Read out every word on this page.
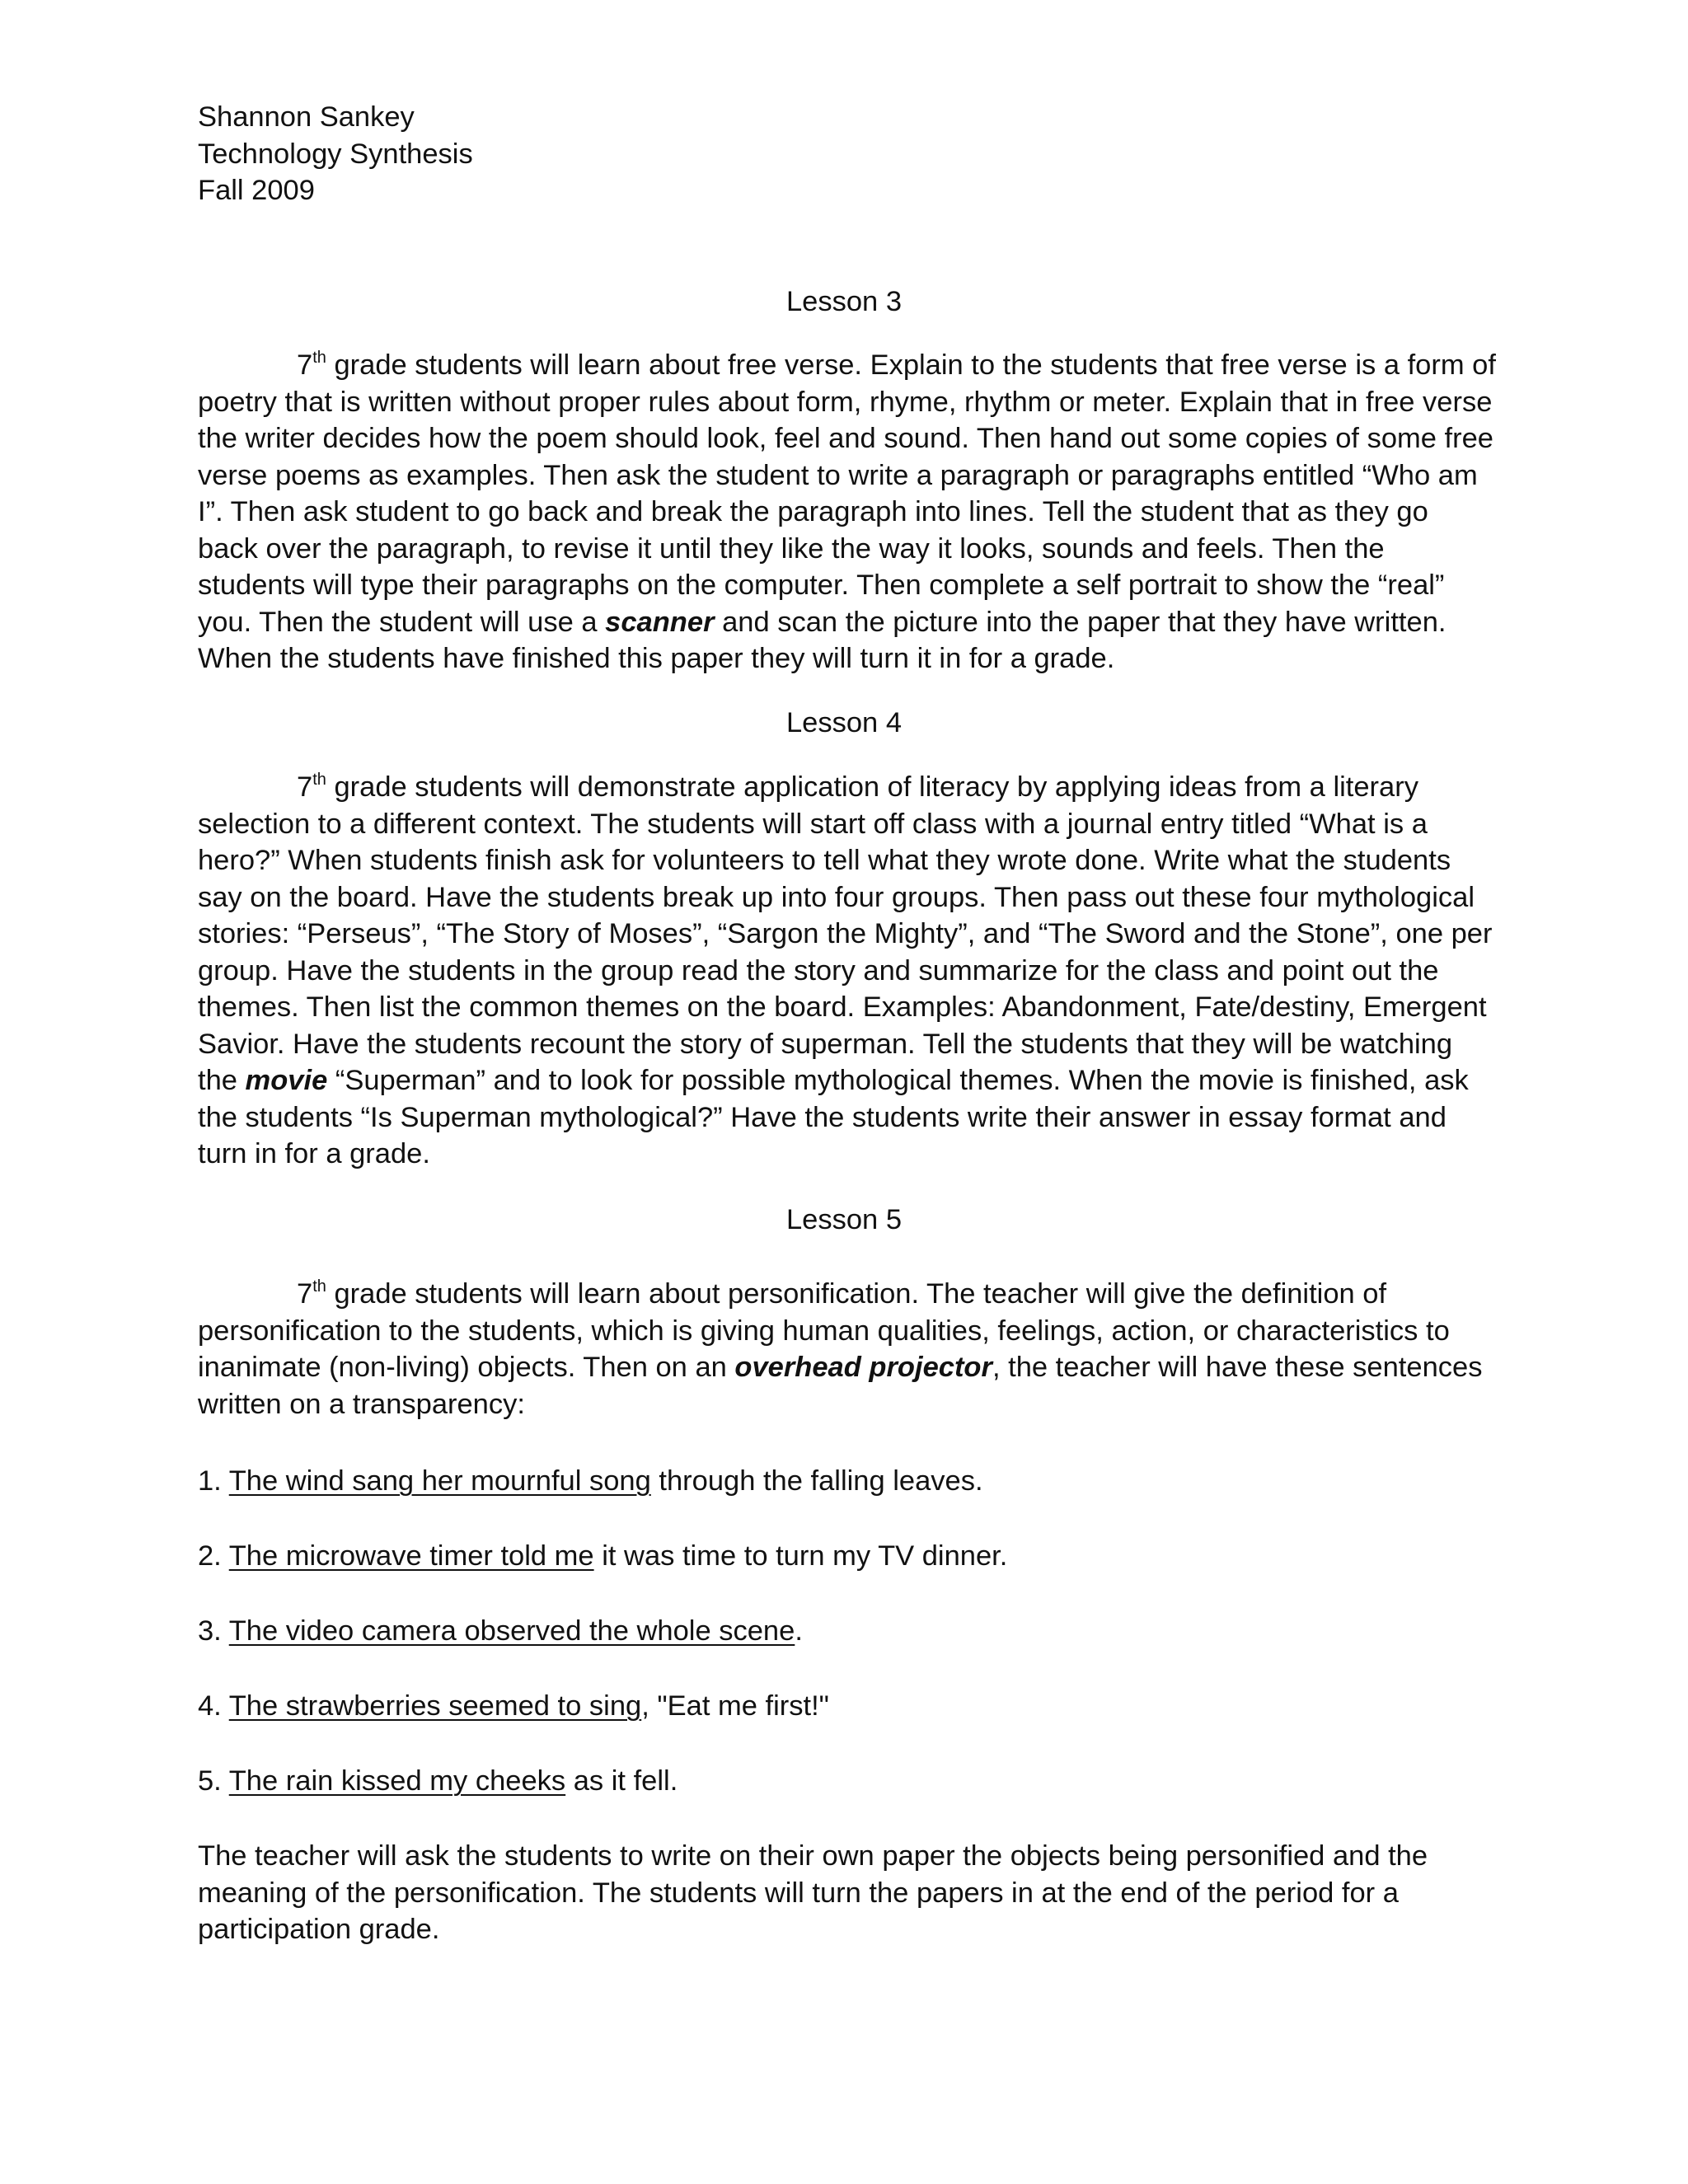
Shannon Sankey
Technology Synthesis
Fall 2009
Lesson 3
7th grade students will learn about free verse. Explain to the students that free verse is a form of poetry that is written without proper rules about form, rhyme, rhythm or meter. Explain that in free verse the writer decides how the poem should look, feel and sound. Then hand out some copies of some free verse poems as examples. Then ask the student to write a paragraph or paragraphs entitled “Who am I”. Then ask student to go back and break the paragraph into lines. Tell the student that as they go back over the paragraph, to revise it until they like the way it looks, sounds and feels. Then the students will type their paragraphs on the computer. Then complete a self portrait to show the “real” you. Then the student will use a scanner and scan the picture into the paper that they have written. When the students have finished this paper they will turn it in for a grade.
Lesson 4
7th grade students will demonstrate application of literacy by applying ideas from a literary selection to a different context. The students will start off class with a journal entry titled “What is a hero?” When students finish ask for volunteers to tell what they wrote done. Write what the students say on the board. Have the students break up into four groups. Then pass out these four mythological stories: “Perseus”, “The Story of Moses”, “Sargon the Mighty”, and “The Sword and the Stone”, one per group. Have the students in the group read the story and summarize for the class and point out the themes. Then list the common themes on the board. Examples: Abandonment, Fate/destiny, Emergent Savior. Have the students recount the story of superman. Tell the students that they will be watching the movie “Superman” and to look for possible mythological themes. When the movie is finished, ask the students “Is Superman mythological?” Have the students write their answer in essay format and turn in for a grade.
Lesson 5
7th grade students will learn about personification. The teacher will give the definition of personification to the students, which is giving human qualities, feelings, action, or characteristics to inanimate (non-living) objects. Then on an overhead projector, the teacher will have these sentences written on a transparency:
1. The wind sang her mournful song through the falling leaves.
2. The microwave timer told me it was time to turn my TV dinner.
3. The video camera observed the whole scene.
4. The strawberries seemed to sing, "Eat me first!"
5. The rain kissed my cheeks as it fell.
The teacher will ask the students to write on their own paper the objects being personified and the meaning of the personification. The students will turn the papers in at the end of the period for a participation grade.
